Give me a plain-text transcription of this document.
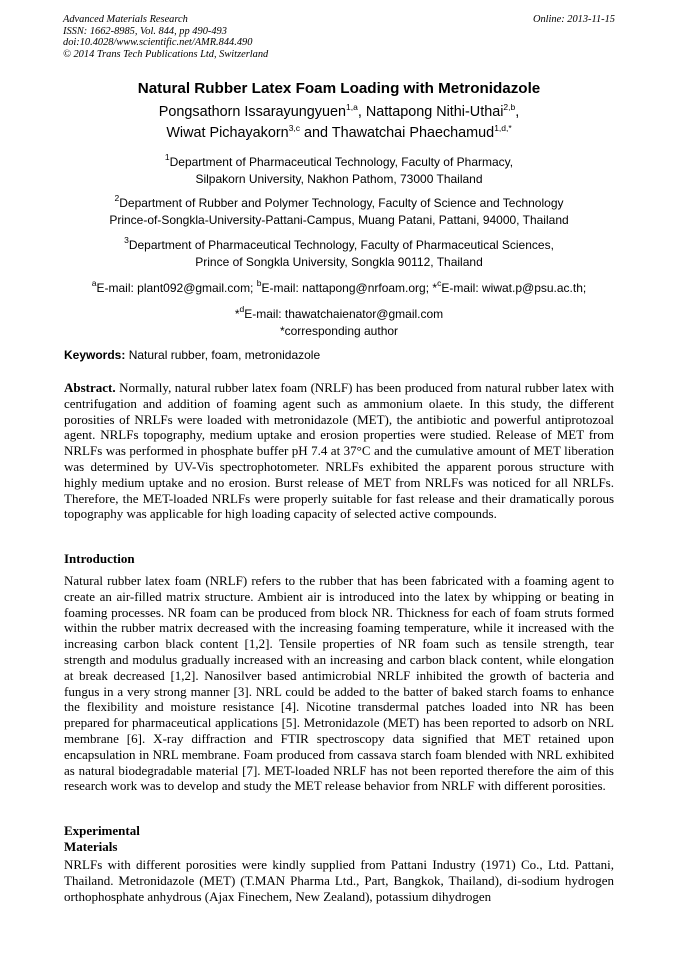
Advanced Materials Research
ISSN: 1662-8985, Vol. 844, pp 490-493
doi:10.4028/www.scientific.net/AMR.844.490
© 2014 Trans Tech Publications Ltd, Switzerland
Online: 2013-11-15
Natural Rubber Latex Foam Loading with Metronidazole
Pongsathorn Issarayungyuen$^{1,a}$, Nattapong Nithi-Uthai$^{2,b}$,
Wiwat Pichayakorn$^{3,c}$ and Thawatchai Phaechamud$^{1,d,*}$
$^1$Department of Pharmaceutical Technology, Faculty of Pharmacy,
Silpakorn University, Nakhon Pathom, 73000 Thailand
$^2$Department of Rubber and Polymer Technology, Faculty of Science and Technology
Prince-of-Songkla-University-Pattani-Campus, Muang Patani, Pattani, 94000, Thailand
$^3$Department of Pharmaceutical Technology, Faculty of Pharmaceutical Sciences,
Prince of Songkla University, Songkla 90112, Thailand
$^a$E-mail: plant092@gmail.com; $^b$E-mail: nattapong@nrfoam.org; *$^c$E-mail: wiwat.p@psu.ac.th;
*$^d$E-mail: thawatchaienator@gmail.com
*corresponding author
Keywords: Natural rubber, foam, metronidazole
Abstract. Normally, natural rubber latex foam (NRLF) has been produced from natural rubber latex with centrifugation and addition of foaming agent such as ammonium olaete. In this study, the different porosities of NRLFs were loaded with metronidazole (MET), the antibiotic and powerful antiprotozoal agent. NRLFs topography, medium uptake and erosion properties were studied. Release of MET from NRLFs was performed in phosphate buffer pH 7.4 at 37°C and the cumulative amount of MET liberation was determined by UV-Vis spectrophotometer. NRLFs exhibited the apparent porous structure with highly medium uptake and no erosion. Burst release of MET from NRLFs was noticed for all NRLFs. Therefore, the MET-loaded NRLFs were properly suitable for fast release and their dramatically porous topography was applicable for high loading capacity of selected active compounds.
Introduction
Natural rubber latex foam (NRLF) refers to the rubber that has been fabricated with a foaming agent to create an air-filled matrix structure. Ambient air is introduced into the latex by whipping or beating in foaming processes. NR foam can be produced from block NR. Thickness for each of foam struts formed within the rubber matrix decreased with the increasing foaming temperature, while it increased with the increasing carbon black content [1,2]. Tensile properties of NR foam such as tensile strength, tear strength and modulus gradually increased with an increasing and carbon black content, while elongation at break decreased [1,2]. Nanosilver based antimicrobial NRLF inhibited the growth of bacteria and fungus in a very strong manner [3]. NRL could be added to the batter of baked starch foams to enhance the flexibility and moisture resistance [4]. Nicotine transdermal patches loaded into NR has been prepared for pharmaceutical applications [5]. Metronidazole (MET) has been reported to adsorb on NRL membrane [6]. X-ray diffraction and FTIR spectroscopy data signified that MET retained upon encapsulation in NRL membrane. Foam produced from cassava starch foam blended with NRL exhibited as natural biodegradable material [7]. MET-loaded NRLF has not been reported therefore the aim of this research work was to develop and study the MET release behavior from NRLF with different porosities.
Experimental
Materials
NRLFs with different porosities were kindly supplied from Pattani Industry (1971) Co., Ltd. Pattani, Thailand. Metronidazole (MET) (T.MAN Pharma Ltd., Part, Bangkok, Thailand), di-sodium hydrogen orthophosphate anhydrous (Ajax Finechem, New Zealand), potassium dihydrogen
